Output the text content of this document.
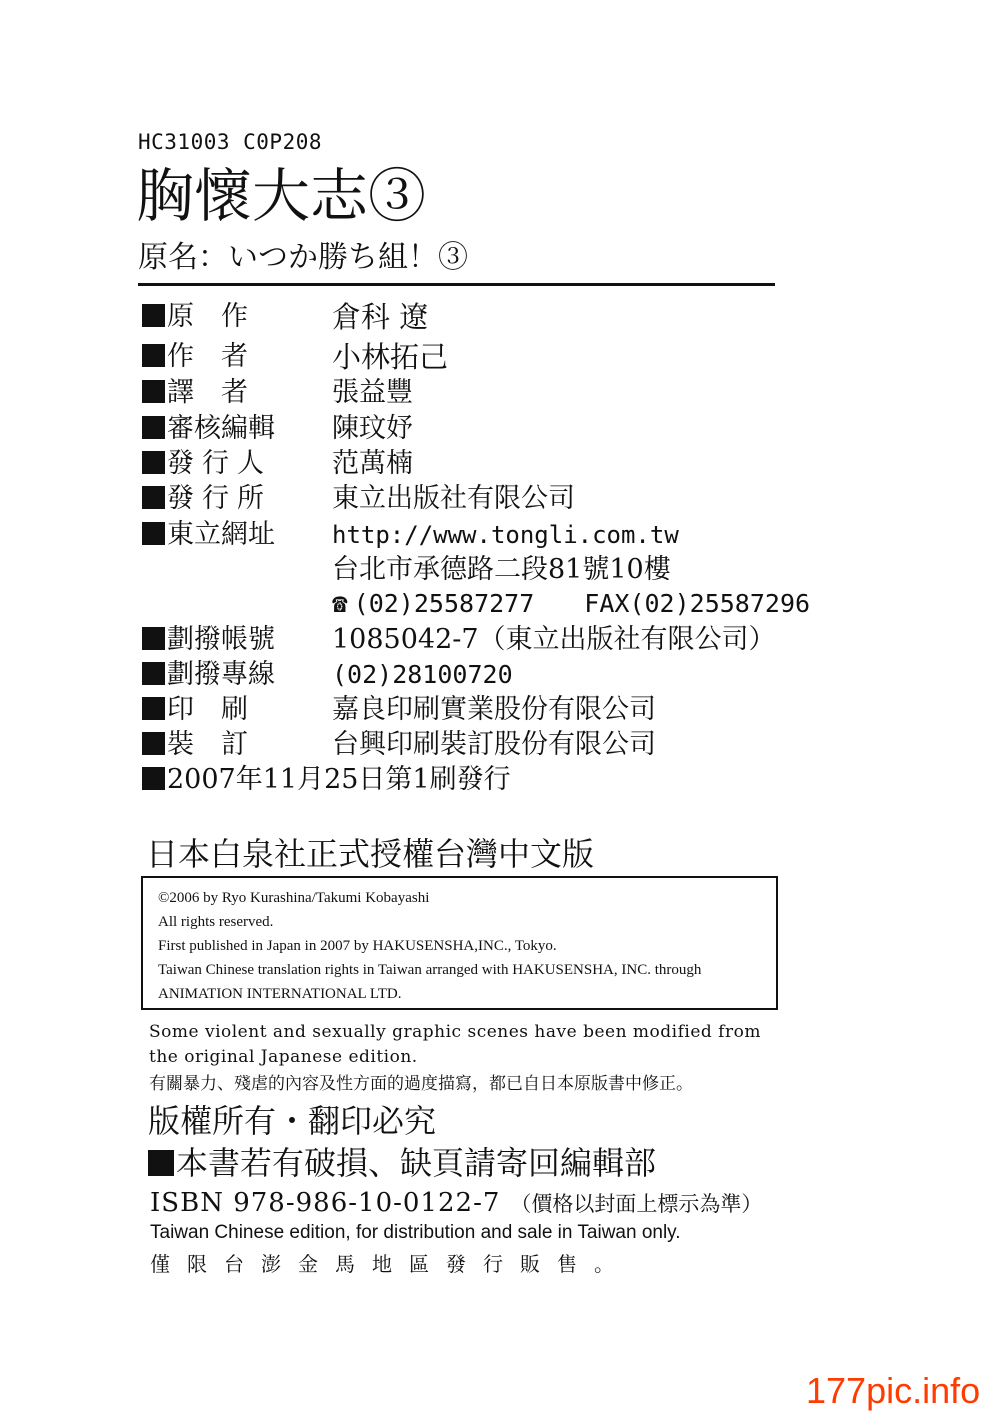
HC31003 C0P208
胸懷大志③
原名：いつか勝ち組！③
原　作	倉科 遼
作　者	小林拓己
譯　者	張益豐
審核編輯 陳玟妤
發行人 范萬楠
發行所 東立出版社有限公司
東立網址 http://www.tongli.com.tw
台北市承德路二段81號10樓
☎ (02)25587277 FAX(02)25587296
劃撥帳號 1085042-7（東立出版社有限公司）
劃撥專線 (02)28100720
印　刷	嘉良印刷實業股份有限公司
裝　訂	台興印刷裝訂股份有限公司
2007年11月25日第1刷發行
日本白泉社正式授權台灣中文版
©2006 by Ryo Kurashina/Takumi Kobayashi
All rights reserved.
First published in Japan in 2007 by HAKUSENSHA,INC., Tokyo.
Taiwan Chinese translation rights in Taiwan arranged with HAKUSENSHA, INC. through
ANIMATION INTERNATIONAL LTD.
Some violent and sexually graphic scenes have been modified from
the original Japanese edition.
有關暴力、殘虐的內容及性方面的過度描寫，都已自日本原版書中修正。
版權所有・翻印必究
本書若有破損、缺頁請寄回編輯部
ISBN 978-986-10-0122-7 （價格以封面上標示為準）
Taiwan Chinese edition, for distribution and sale in Taiwan only.
僅限台澎金馬地區發行販售。
177pic.info
